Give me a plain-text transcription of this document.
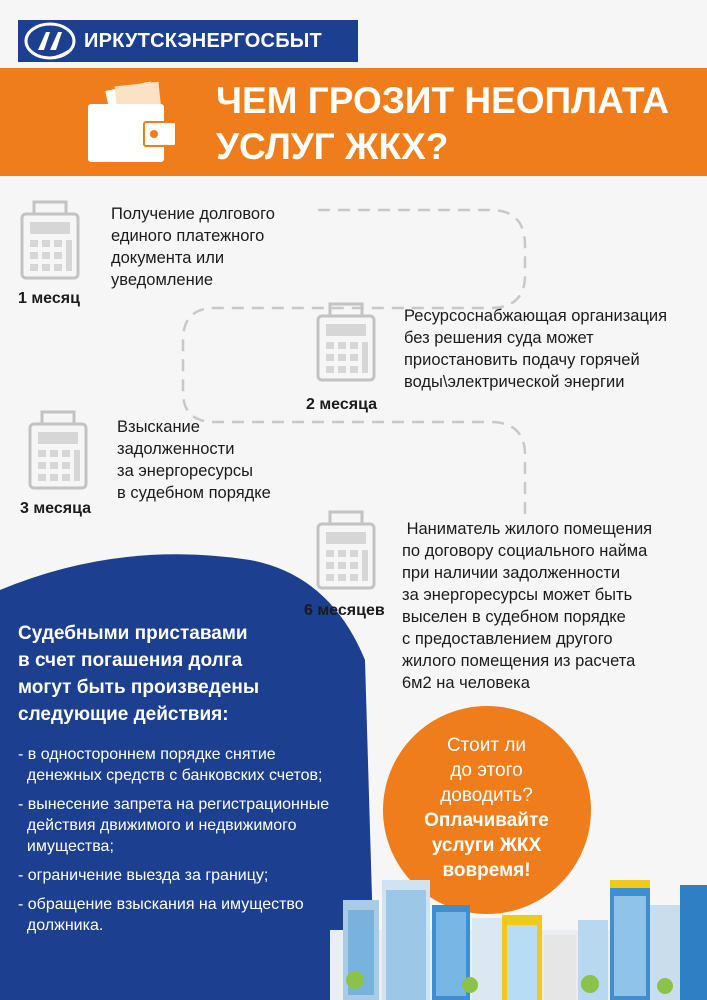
ИРКУТСКЭНЕРГОСБЫТ
ЧЕМ ГРОЗИТ НЕОПЛАТА
УСЛУГ ЖКХ?
1 месяц
Получение долгового
единого платежного
документа или
уведомление
2 месяца
Ресурсоснабжающая организация
без решения суда может
приостановить подачу горячей
воды\электрической энергии
3 месяца
Взыскание
задолженности
за энергоресурсы
в судебном порядке
6 месяцев
Наниматель жилого помещения
по договору социального найма
при наличии задолженности
за энергоресурсы может быть
выселен в судебном порядке
с предоставлением другого
жилого помещения из расчета
6м2 на человека
Судебными приставами
в счет погашения долга
могут быть произведены
следующие действия:
- в одностороннем порядке снятие
денежных средств с банковских счетов;
- вынесение запрета на регистрационные
действия движимого и недвижимого
имущества;
- ограничение выезда за границу;
- обращение взыскания на имущество
должника.
Стоит ли
до этого
доводить?
Оплачивайте
услуги ЖКХ
вовремя!
